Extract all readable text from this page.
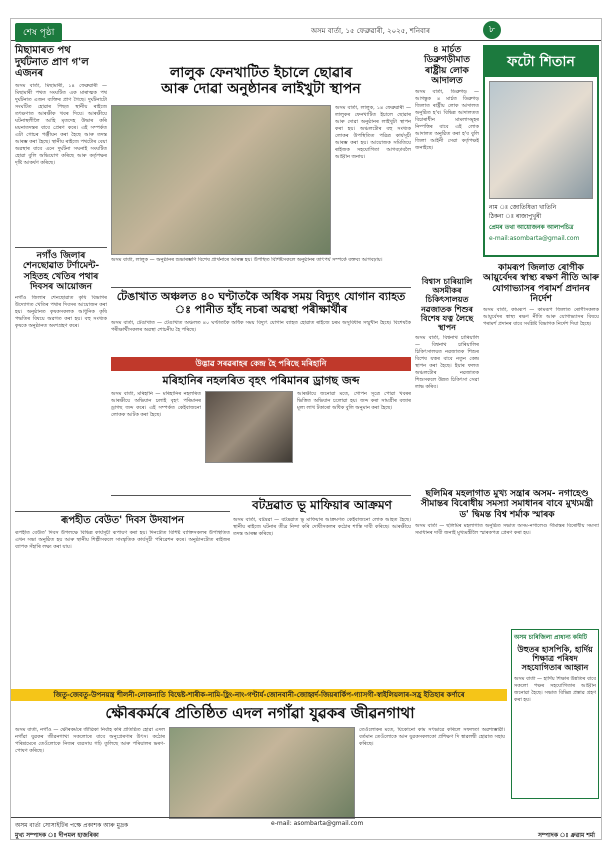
শেষ পৃষ্ঠা	অসম বাৰ্তা, ১৫ ফেব্ৰুৱাৰী, ২০২৫, শনিবাৰ	৮
মিছামাৰত পথ দুৰ্ঘটনাত প্ৰাণ গ'ল এজনৰ
অসম বাৰ্তা, মিছামাৰী, ১৪ ফেব্ৰুৱাৰী — মিছামাৰী পথত সংঘটিত এক মাৰাত্মক পথ দুৰ্ঘটনাত এজন ব্যক্তিৰ প্ৰাণ গৈছে। দুৰ্ঘটনাটো সংঘটিত হোৱাৰ পিছত স্থানীয় ৰাইজে তৎক্ষণাত আৰক্ষীক খবৰ দিয়ে। আৰক্ষীয়ে ঘটনাস্থলীলৈ আহি মৃতদেহ উদ্ধাৰ কৰি ময়নাতদন্তৰ বাবে প্ৰেৰণ কৰে। এই সম্পৰ্কত এটা গোচৰ পঞ্জীয়ন কৰা হৈছে আৰু তদন্ত আৰম্ভ কৰা হৈছে। স্থানীয় ৰাইজে পথটোৰ বেয়া অৱস্থাৰ বাবে এনে দুৰ্ঘটনা সঘনাই সংঘটিত হোৱা বুলি অভিযোগ কৰিছে আৰু কৰ্তৃপক্ষৰ দৃষ্টি আকৰ্ষণ কৰিছে।
নগাঁও জিলাৰ শেনছোৱাত টৰ্ণামেন্ট-সহিতহ খেতিৰ পথাৰ দিবসৰ আয়োজন
নগাঁও জিলাৰ শেনছোৱাত কৃষি বিভাগৰ উদ্যোগত খেতিৰ পথাৰ দিবসৰ আয়োজন কৰা হয়। অনুষ্ঠানত কৃষকসকলক আধুনিক কৃষি পদ্ধতিৰ বিষয়ে অৱগত কৰা হয়। বহু সংখ্যক কৃষকে অনুষ্ঠানত অংশগ্ৰহণ কৰে।
ৰূপহীত বেউত' দিবস উদযাপন
ৰূপহীত বেউত' দিবস উপলক্ষে বিভিন্ন কাৰ্যসূচী ৰূপায়ণ কৰা হয়। দিনটোত বিশিষ্ট ব্যক্তিসকলৰ উপস্থিতিত এখন সভা অনুষ্ঠিত হয় আৰু স্থানীয় শিল্পীসকলে সাংস্কৃতিক কাৰ্যসূচী পৰিৱেশন কৰে। অনুষ্ঠানটোত ৰাইজৰ ব্যাপক সঁহাৰি লক্ষ্য কৰা যায়।
লালুক ফেনখাটিত ইচালে ছোৱাৰ
আৰু দোৱা অনুষ্ঠানৰ লাইখুটা স্থাপন
অসম বাৰ্তা, লালুক, ১৪ ফেব্ৰুৱাৰী — লালুকৰ ফেনখাটিত ইচালে ছোৱাৰ আৰু দোৱা অনুষ্ঠানৰ লাইখুটা স্থাপন কৰা হয়। অঞ্চলটোৰ বহু সংখ্যক লোকৰ উপস্থিতিত পৱিত্ৰ কাৰ্যসূচী আৰম্ভ কৰা হয়। আয়োজক সমিতিয়ে ৰাইজক সহযোগিতা আগবঢ়াবলৈ আহ্বান জনায়।
অসম বাৰ্তা, লালুক — অনুষ্ঠানৰ শুভাৰম্ভণি বিশেষ প্ৰাৰ্থনাৰে আৰম্ভ হয়। উপস্থিত বিশিষ্টসকলে অনুষ্ঠানৰ তাৎপৰ্য সম্পৰ্কে বক্তব্য আগবঢ়ায়।
৪ মাৰ্চত ডিব্ৰুগড়ীমাত ৰাষ্ট্ৰীয় লোক আদালত
অসম বাৰ্তা, ডিব্ৰুগড় — আগন্তুক ৪ মাৰ্চত ডিব্ৰুগড় জিলাত ৰাষ্ট্ৰীয় লোক আদালত অনুষ্ঠিত হ'ব। বিভিন্ন আদালতত বিচাৰাধীন মামলাসমূহৰ নিষ্পত্তিৰ বাবে এই লোক আদালত অনুষ্ঠিত কৰা হ'ব বুলি জিলা আইনী সেৱা কৰ্তৃপক্ষই জনাইছে।
টেঙাখাত অঞ্চলত ৪০ ঘণ্টাতকৈ অধিক সময় বিদ্যুৎ যোগান ব্যাহত ঃ পানীত হাঁহ নচৰা অৱস্থা পৰীক্ষাৰ্থীৰ
অসম বাৰ্তা, টেঙাখাত — টেঙাখাত অঞ্চলত ৪০ ঘণ্টাতকৈ অধিক সময় বিদ্যুৎ যোগান ব্যাহত হোৱাত ৰাইজে চৰম অসুবিধাৰ সন্মুখীন হৈছে। বিশেষকৈ পৰীক্ষাৰ্থীসকলৰ অৱস্থা শোচনীয় হৈ পৰিছে।
উদ্ভাৱ সৰৱৰাহৰ কেন্দ্ৰ হৈ পৰিছে মৰিহানি
মৰিহানিৰ নহলৰিত বৃহৎ পৰিমানৰ ড্ৰাগছ জব্দ
অসম বাৰ্তা, মৰিহানি — মৰিহানিৰ নহলৰিত আৰক্ষীয়ে অভিযান চলাই বৃহৎ পৰিমানৰ ড্ৰাগছ জব্দ কৰে। এই সম্পৰ্কত কেইবাজনো লোকক আটক কৰা হৈছে।
আৰক্ষীয়ে জনোৱা মতে, গোপন সূত্ৰে পোৱা খবৰৰ ভিত্তিত অভিযান চলোৱা হয়। জব্দ কৰা সামগ্ৰীৰ বজাৰ মূল্য লাখ টকাৰো অধিক বুলি অনুমান কৰা হৈছে।
বটদ্ৰৱাত ভূ মাফিয়াৰ আক্ৰমণ
অসম বাৰ্তা, বটদ্ৰৱা — বটদ্ৰৱাত ভূ মাফিয়াৰ আক্ৰমণত কেইবাজনো লোক আহত হৈছে। স্থানীয় ৰাইজে ঘটনাৰ তীব্ৰ নিন্দা কৰি দোষীসকলৰ কঠোৰ শাস্তি দাবী কৰিছে। আৰক্ষীয়ে তদন্ত আৰম্ভ কৰিছে।
ফটো শিতান
নাম ঃ জোতিষিতা খাতিনি
ঠিকনা ঃ ৰাজাপুখুৰী
প্ৰেমৰ তথা আয়োজনক আলাপচিত্ৰ
e-mail:asombarta@gmail.com
কামৰূপ জিলাত ৰোগীক আয়ুৰ্বেদৰ স্বাস্থ্য ৰক্ষণ নীতি আৰু যোগাভ্যাসৰ পৰামৰ্শ প্ৰদানৰ নিৰ্দেশ
অসম বাৰ্তা, কামৰূপ — কামৰূপ জিলাত ৰোগীসকলক আয়ুৰ্বেদৰ স্বাস্থ্য ৰক্ষণ নীতি আৰু যোগাভ্যাসৰ বিষয়ে পৰামৰ্শ প্ৰদানৰ বাবে সংশ্লিষ্ট বিভাগক নিৰ্দেশ দিয়া হৈছে।
বিশ্বাস চাৰিয়ালি অসমীকৰ চিকিৎসালয়ত নৱজাতক শিশুৰ বিশেষ যত্ন লৈছে স্থাপন
অসম বাৰ্তা, বিশ্বনাথ চাৰিয়ালি — বিশ্বনাথ চাৰিয়ালিৰ চিকিৎসালয়ত নৱজাতক শিশুৰ বিশেষ যত্নৰ বাবে নতুন কেন্দ্ৰ স্থাপন কৰা হৈছে। ইয়াৰ ফলত অঞ্চলটোৰ নৱজাতক শিশুসকলে উন্নত চিকিৎসা সেৱা লাভ কৰিব।
ছলিমিৰ মহলাগাত মুখ্য সন্ত্ৰাৰ অসম- নগাহেণ্ড সীমান্তৰ বিৰোধীয় সমস্যা সমাধানৰ বাবে মুখ্যমন্ত্ৰী ড' দ্বিমন্ত বিশ্ব শৰ্মাক স্মাৰক
অসম বাৰ্তা — ছলিমিৰ মহলাগাত অনুষ্ঠিত সভাত অসম-নগালেণ্ড সীমান্তৰ বিৰোধীয় সমস্যা সমাধানৰ দাবী জনাই মুখ্যমন্ত্ৰীলৈ স্মাৰকপত্ৰ প্ৰেৰণ কৰা হয়।
অসম চাৰিজিলা প্ৰাধান্য কমিটি
উহুতৰ হাসপিকি, হাৰ্দিয় শিক্ষাত্ৰ পৰিষদ সহযোগিতাৰ আহ্বান
অসম বাৰ্তা — হাৰ্দিয় শিক্ষাৰ উন্নতিৰ বাবে সকলো পক্ষৰ সহযোগিতাৰ আহ্বান জনোৱা হৈছে। সভাত বিভিন্ন প্ৰস্তাৱ গ্ৰহণ কৰা হয়।
জিতু-জেবতু-উপনয়ন্ত্ৰ শীলনী-লোকনাতি বিদ্বেষ্ট-শাৰীক-নামি-হ্লিং-নাং-গণ্টাৰ্য-জোনবানী-জোহ্বৰ্দ-জিয়ৰাৰ্কিপ-গ্যাসগী-স্বাইলিয়লাৰ-সহ্ৰ ইতিহাৰ কৰ্ণাৰে
ক্ষৌৰকৰ্মৰে প্ৰতিষ্ঠিত এদল নগাঁৱা যুৱকৰ জীৱনগাথা
অসম বাৰ্তা, নগাঁও — ক্ষৌৰকৰ্মৰে জীৱিকা নিৰ্বাহ কৰি প্ৰতিষ্ঠিত হোৱা এদল নগাঁৱা যুৱকৰ জীৱনগাথা সকলোৰে বাবে অনুপ্ৰেৰণাৰ উৎস। কঠোৰ পৰিশ্ৰমেৰে তেওঁলোকে নিজৰ ব্যৱসায় গঢ়ি তুলিছে আৰু পৰিয়ালৰ ভৰণ-পোষণ কৰিছে।
তেওঁলোকৰ মতে, যিকোনো কাম সৎভাৱে কৰিলে সফলতা অৱশ্যম্ভাৱী। বৰ্তমান তেওঁলোকে আন যুৱকসকলকো প্ৰশিক্ষণ দি স্বাৱলম্বী হোৱাত সহায় কৰিছে।
অসম বাৰ্তা সোসাইটিৰ পক্ষে প্ৰকাশক আৰু মুদ্ৰক	e-mail: asombarta@gmail.com
মুখ্য সম্পাদক ঃ দীপমল হাজৰিকা	সম্পাদক ঃ ধ্ৰুৱাম শৰ্মা
